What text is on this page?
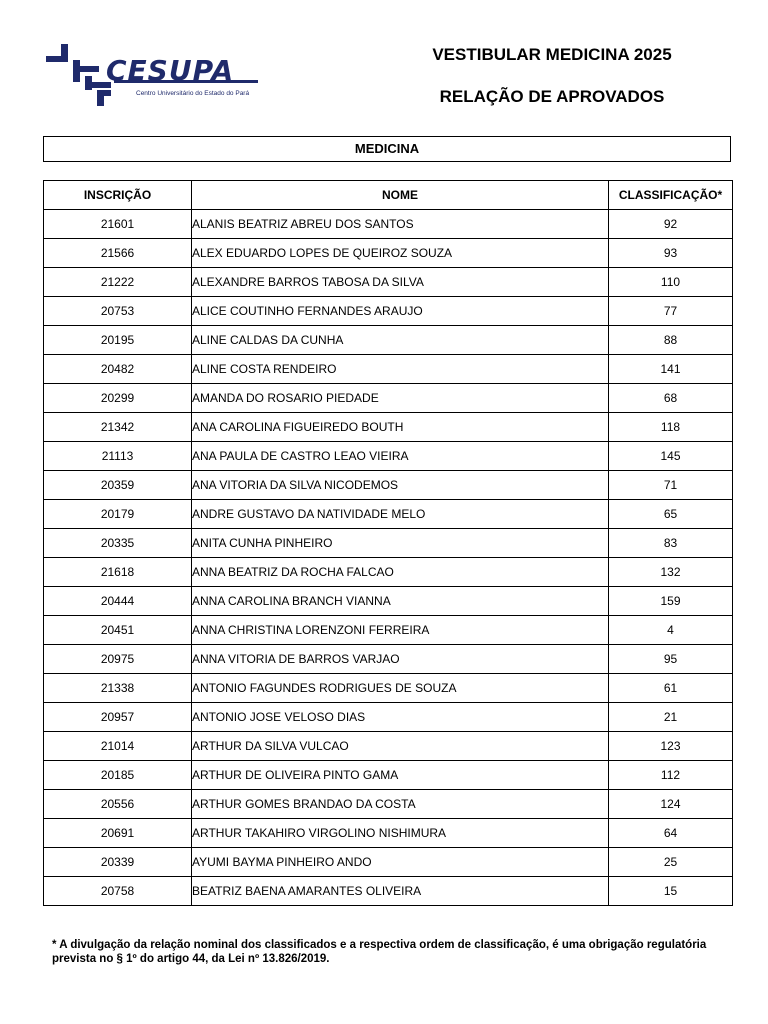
CESUPA
Centro Universitário do Estado do Pará
VESTIBULAR MEDICINA 2025
RELAÇÃO DE APROVADOS
MEDICINA
INSCRIÇÃO	NOME	CLASSIFICAÇÃO*
21601	ALANIS BEATRIZ ABREU DOS SANTOS	92
21566	ALEX EDUARDO LOPES DE QUEIROZ SOUZA	93
21222	ALEXANDRE BARROS TABOSA DA SILVA	110
20753	ALICE COUTINHO FERNANDES ARAUJO	77
20195	ALINE CALDAS DA CUNHA	88
20482	ALINE COSTA RENDEIRO	141
20299	AMANDA DO ROSARIO PIEDADE	68
21342	ANA CAROLINA FIGUEIREDO BOUTH	118
21113	ANA PAULA DE CASTRO LEAO VIEIRA	145
20359	ANA VITORIA DA SILVA NICODEMOS	71
20179	ANDRE GUSTAVO DA NATIVIDADE MELO	65
20335	ANITA CUNHA PINHEIRO	83
21618	ANNA BEATRIZ DA ROCHA FALCAO	132
20444	ANNA CAROLINA BRANCH VIANNA	159
20451	ANNA CHRISTINA LORENZONI FERREIRA	4
20975	ANNA VITORIA DE BARROS VARJAO	95
21338	ANTONIO FAGUNDES RODRIGUES DE SOUZA	61
20957	ANTONIO JOSE VELOSO DIAS	21
21014	ARTHUR DA SILVA VULCAO	123
20185	ARTHUR DE OLIVEIRA PINTO GAMA	112
20556	ARTHUR GOMES BRANDAO DA COSTA	124
20691	ARTHUR TAKAHIRO VIRGOLINO NISHIMURA	64
20339	AYUMI BAYMA PINHEIRO ANDO	25
20758	BEATRIZ BAENA AMARANTES OLIVEIRA	15
* A divulgação da relação nominal dos classificados e a respectiva ordem de classificação, é uma obrigação regulatória prevista no § 1º do artigo 44, da Lei nº 13.826/2019.
